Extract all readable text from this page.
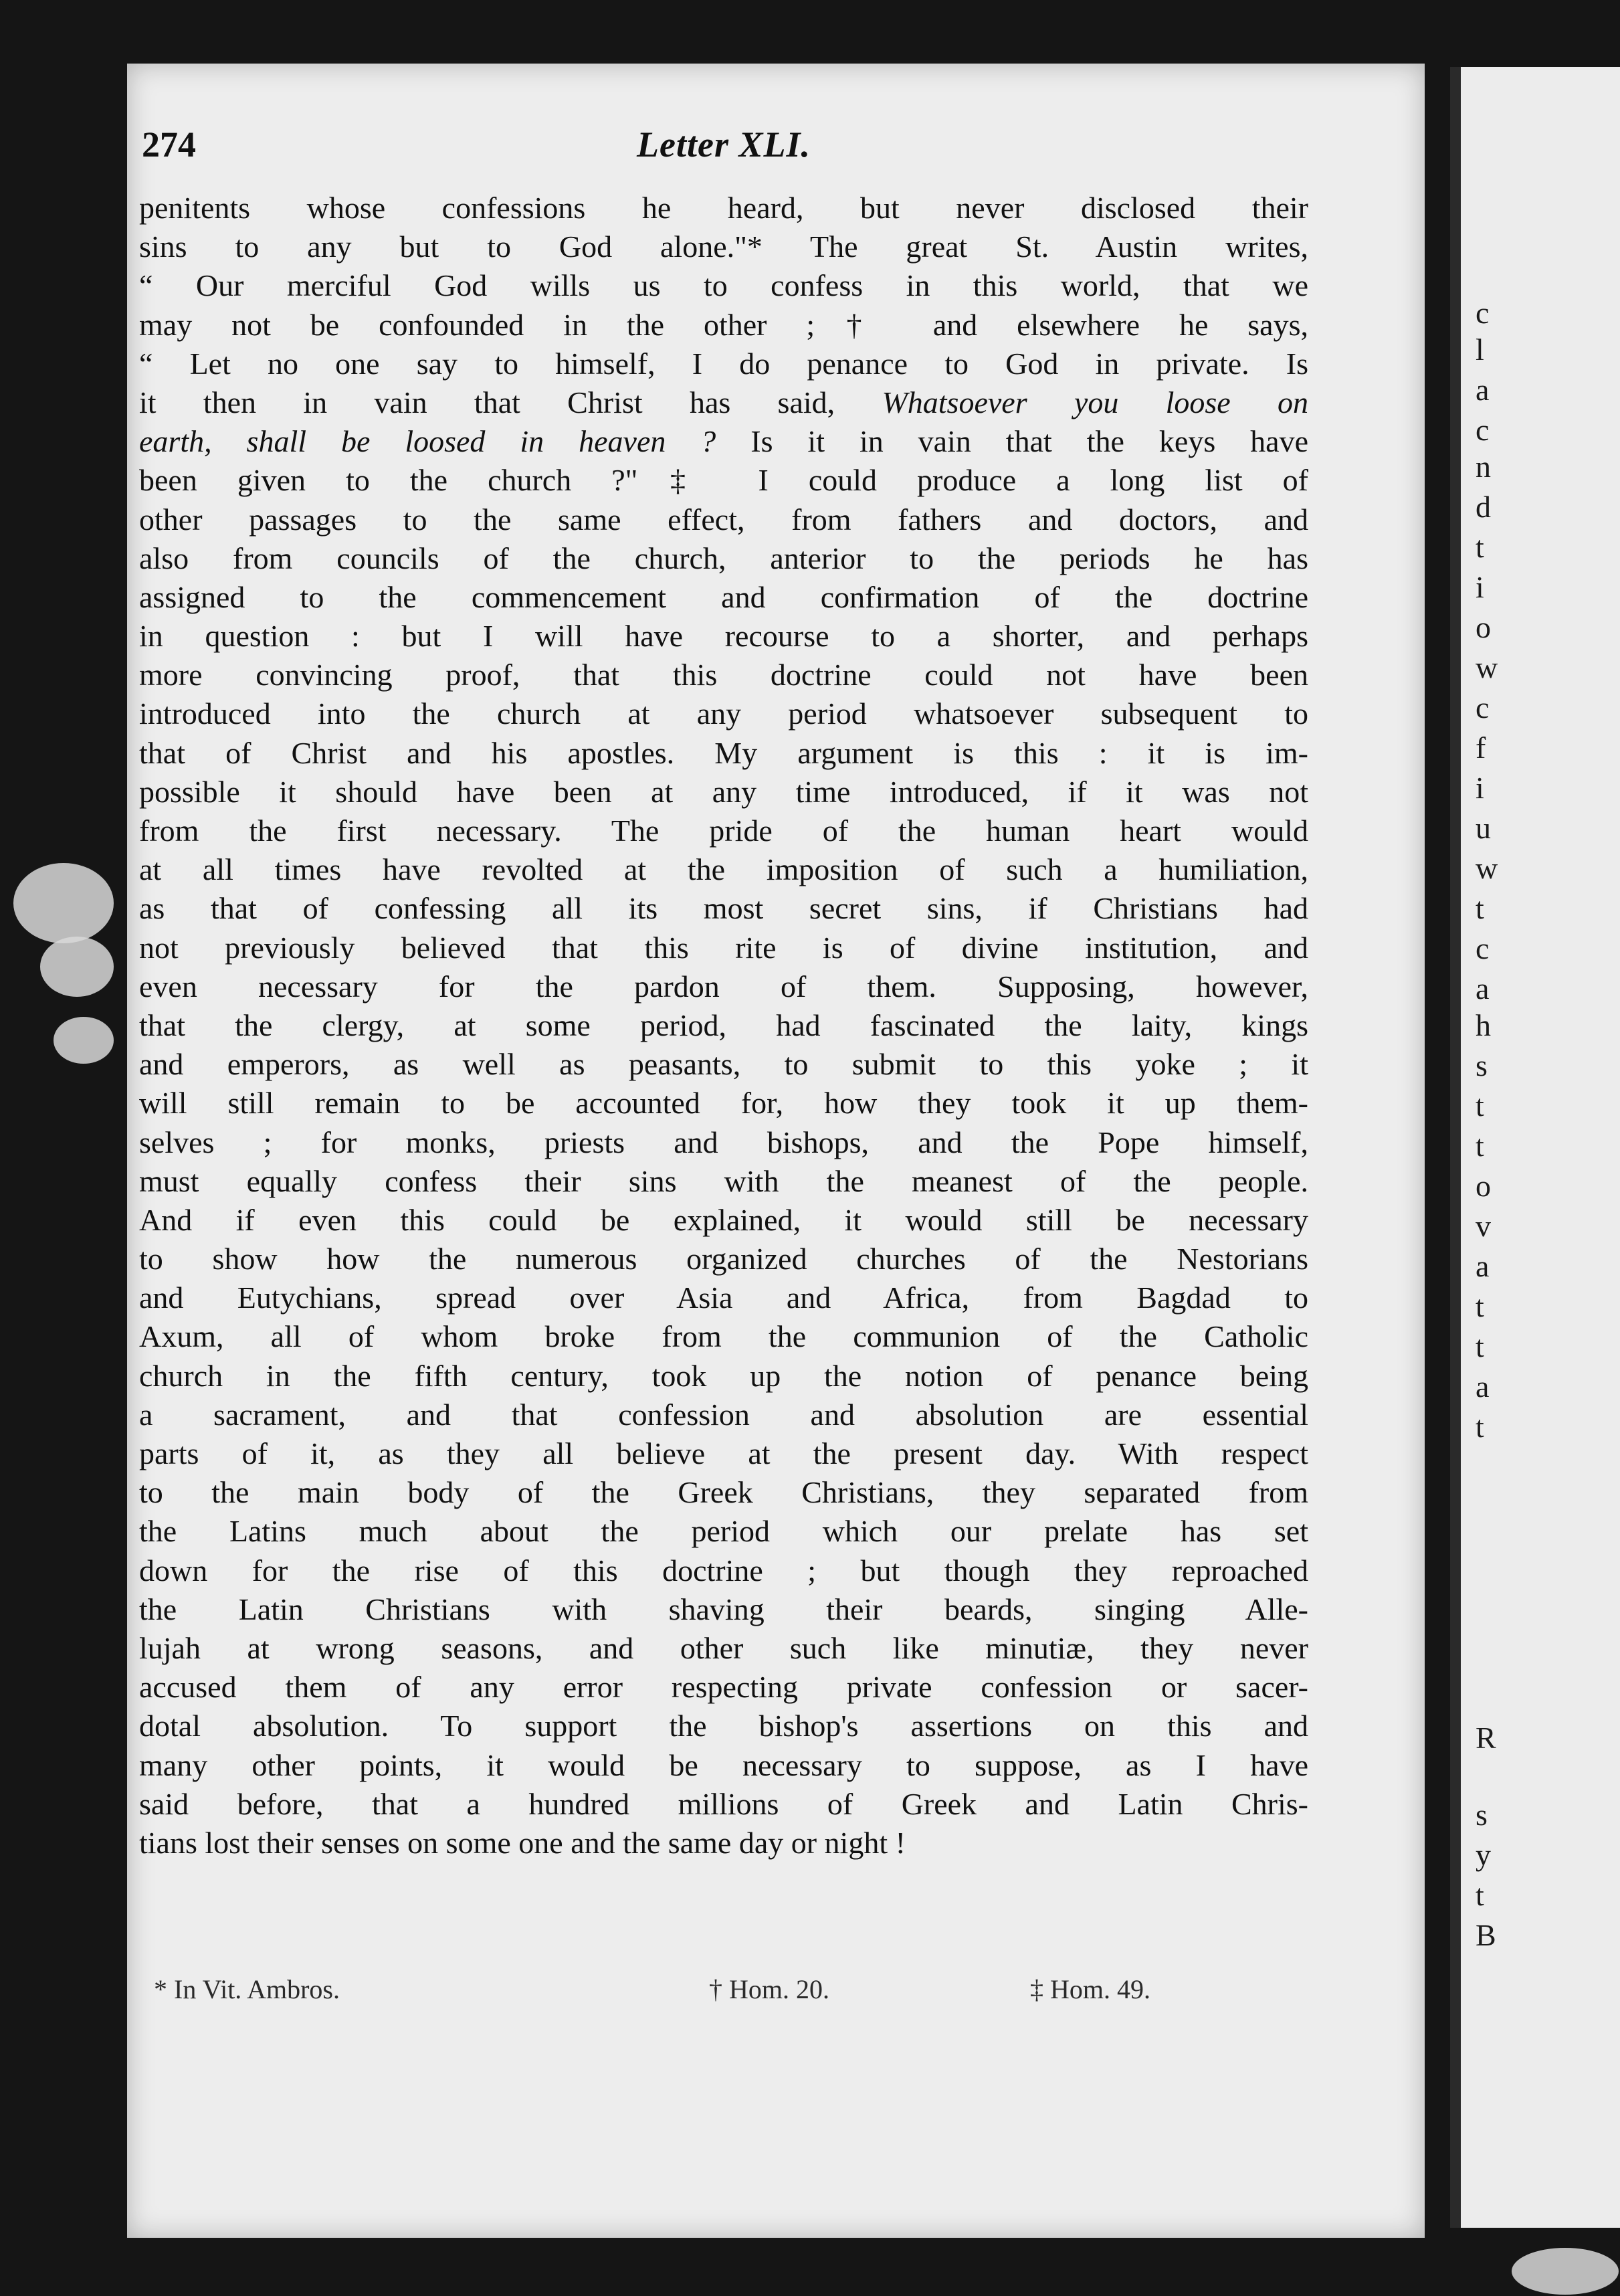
c
l
a
c
n
d
t
i
o
w
c
f
i
u
w
t
c
a
h
s
t
t
o
v
a
t
t
a
t
R
s
y
t
B
274	Letter XLI.
penitents whose confessions he heard, but never disclosed their
sins to any but to God alone."* The great St. Austin writes,
“ Our merciful God wills us to confess in this world, that we
may not be confounded in the other ;† and elsewhere he says,
“ Let no one say to himself, I do penance to God in private. Is
it then in vain that Christ has said, Whatsoever you loose on
earth, shall be loosed in heaven ? Is it in vain that the keys have
been given to the church ?"‡ I could produce a long list of
other passages to the same effect, from fathers and doctors, and
also from councils of the church, anterior to the periods he has
assigned to the commencement and confirmation of the doctrine
in question : but I will have recourse to a shorter, and perhaps
more convincing proof, that this doctrine could not have been
introduced into the church at any period whatsoever subsequent to
that of Christ and his apostles. My argument is this : it is im-
possible it should have been at any time introduced, if it was not
from the first necessary. The pride of the human heart would
at all times have revolted at the imposition of such a humiliation,
as that of confessing all its most secret sins, if Christians had
not previously believed that this rite is of divine institution, and
even necessary for the pardon of them. Supposing, however,
that the clergy, at some period, had fascinated the laity, kings
and emperors, as well as peasants, to submit to this yoke ; it
will still remain to be accounted for, how they took it up them-
selves ; for monks, priests and bishops, and the Pope himself,
must equally confess their sins with the meanest of the people.
And if even this could be explained, it would still be necessary
to show how the numerous organized churches of the Nestorians
and Eutychians, spread over Asia and Africa, from Bagdad to
Axum, all of whom broke from the communion of the Catholic
church in the fifth century, took up the notion of penance being
a sacrament, and that confession and absolution are essential
parts of it, as they all believe at the present day. With respect
to the main body of the Greek Christians, they separated from
the Latins much about the period which our prelate has set
down for the rise of this doctrine ; but though they reproached
the Latin Christians with shaving their beards, singing Alle-
lujah at wrong seasons, and other such like minutiæ, they never
accused them of any error respecting private confession or sacer-
dotal absolution. To support the bishop's assertions on this and
many other points, it would be necessary to suppose, as I have
said before, that a hundred millions of Greek and Latin Chris-
tians lost their senses on some one and the same day or night !
* In Vit. Ambros.	† Hom. 20.	‡ Hom. 49.
